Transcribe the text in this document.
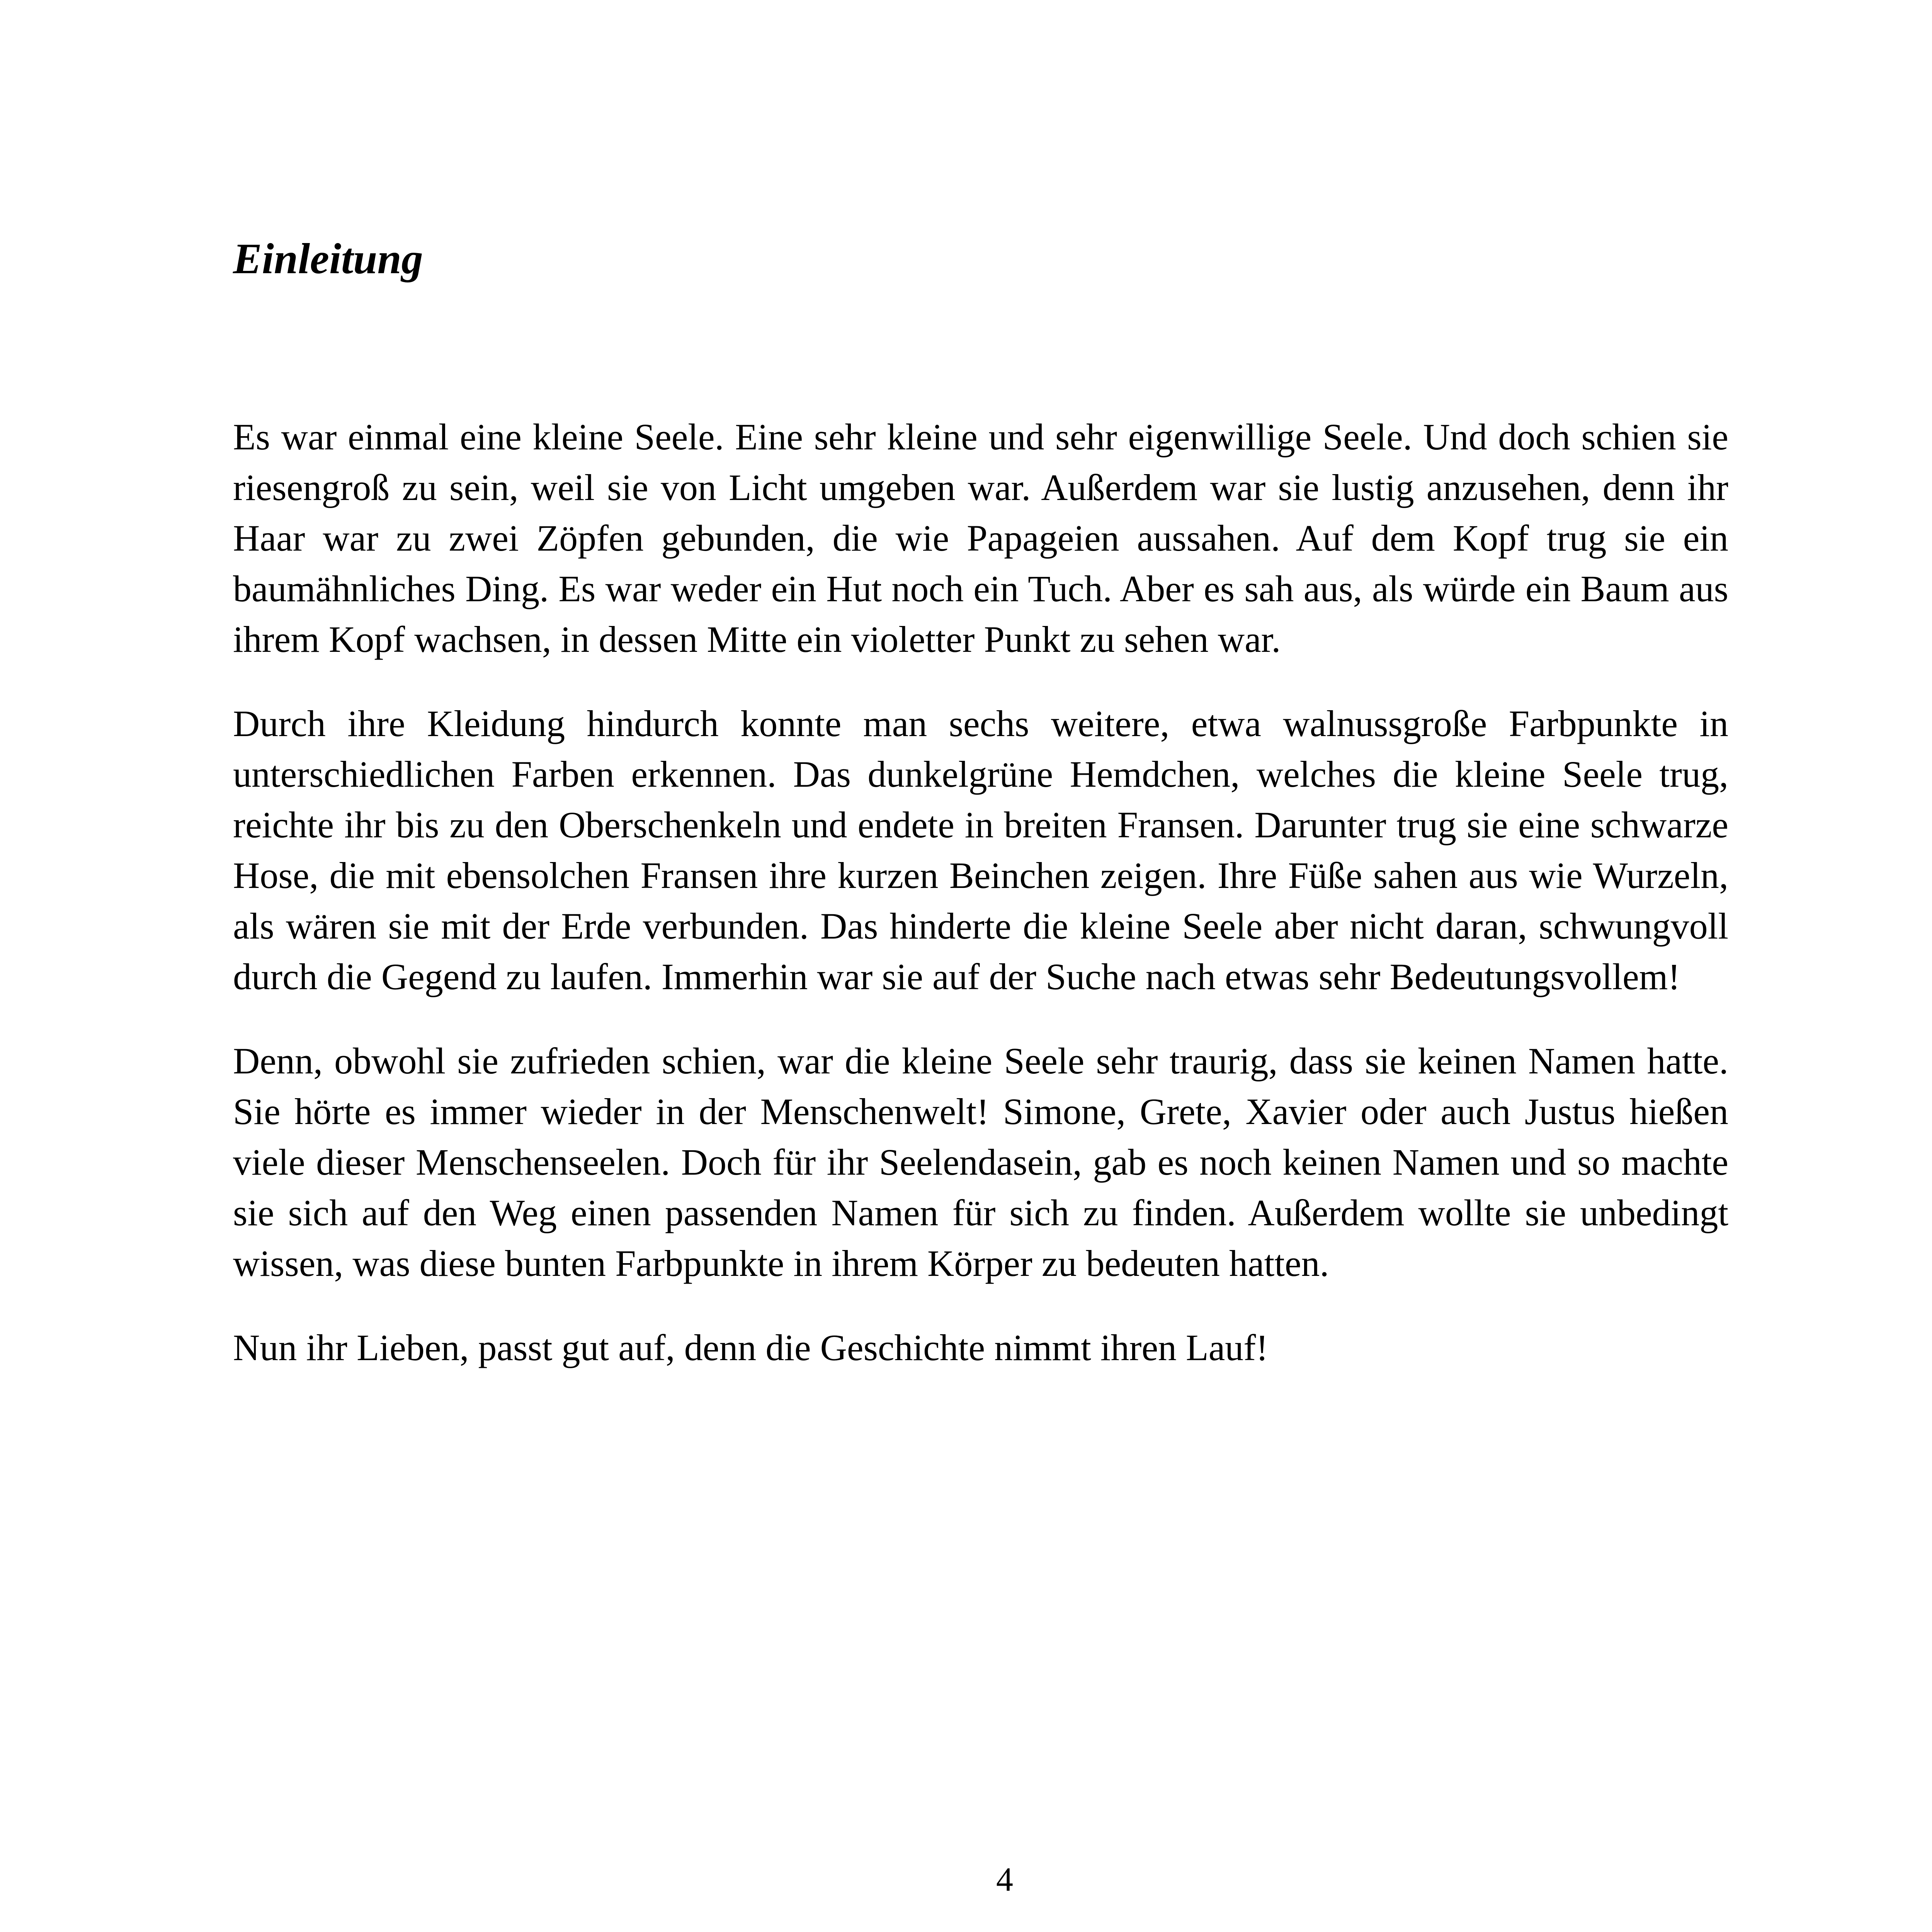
Einleitung

Es war einmal eine kleine Seele. Eine sehr kleine und sehr eigenwillige Seele. Und doch schien sie riesengroß zu sein, weil sie von Licht umgeben war. Außerdem war sie lustig anzusehen, denn ihr Haar war zu zwei Zöpfen gebunden, die wie Papageien aussahen. Auf dem Kopf trug sie ein baumähnliches Ding. Es war weder ein Hut noch ein Tuch. Aber es sah aus, als würde ein Baum aus ihrem Kopf wachsen, in dessen Mitte ein violetter Punkt zu sehen war.

Durch ihre Kleidung hindurch konnte man sechs weitere, etwa walnussgroße Farbpunkte in unterschiedlichen Farben erkennen. Das dunkelgrüne Hemdchen, welches die kleine Seele trug, reichte ihr bis zu den Oberschenkeln und endete in breiten Fransen. Darunter trug sie eine schwarze Hose, die mit ebensolchen Fransen ihre kurzen Beinchen zeigen. Ihre Füße sahen aus wie Wurzeln, als wären sie mit der Erde verbunden. Das hinderte die kleine Seele aber nicht daran, schwungvoll durch die Gegend zu laufen. Immerhin war sie auf der Suche nach etwas sehr Bedeutungsvollem!

Denn, obwohl sie zufrieden schien, war die kleine Seele sehr traurig, dass sie keinen Namen hatte. Sie hörte es immer wieder in der Menschenwelt! Simone, Grete, Xavier oder auch Justus hießen viele dieser Menschenseelen. Doch für ihr Seelendasein, gab es noch keinen Namen und so machte sie sich auf den Weg einen passenden Namen für sich zu finden. Außerdem wollte sie unbedingt wissen, was diese bunten Farbpunkte in ihrem Körper zu bedeuten hatten.

Nun ihr Lieben, passt gut auf, denn die Geschichte nimmt ihren Lauf!

4
